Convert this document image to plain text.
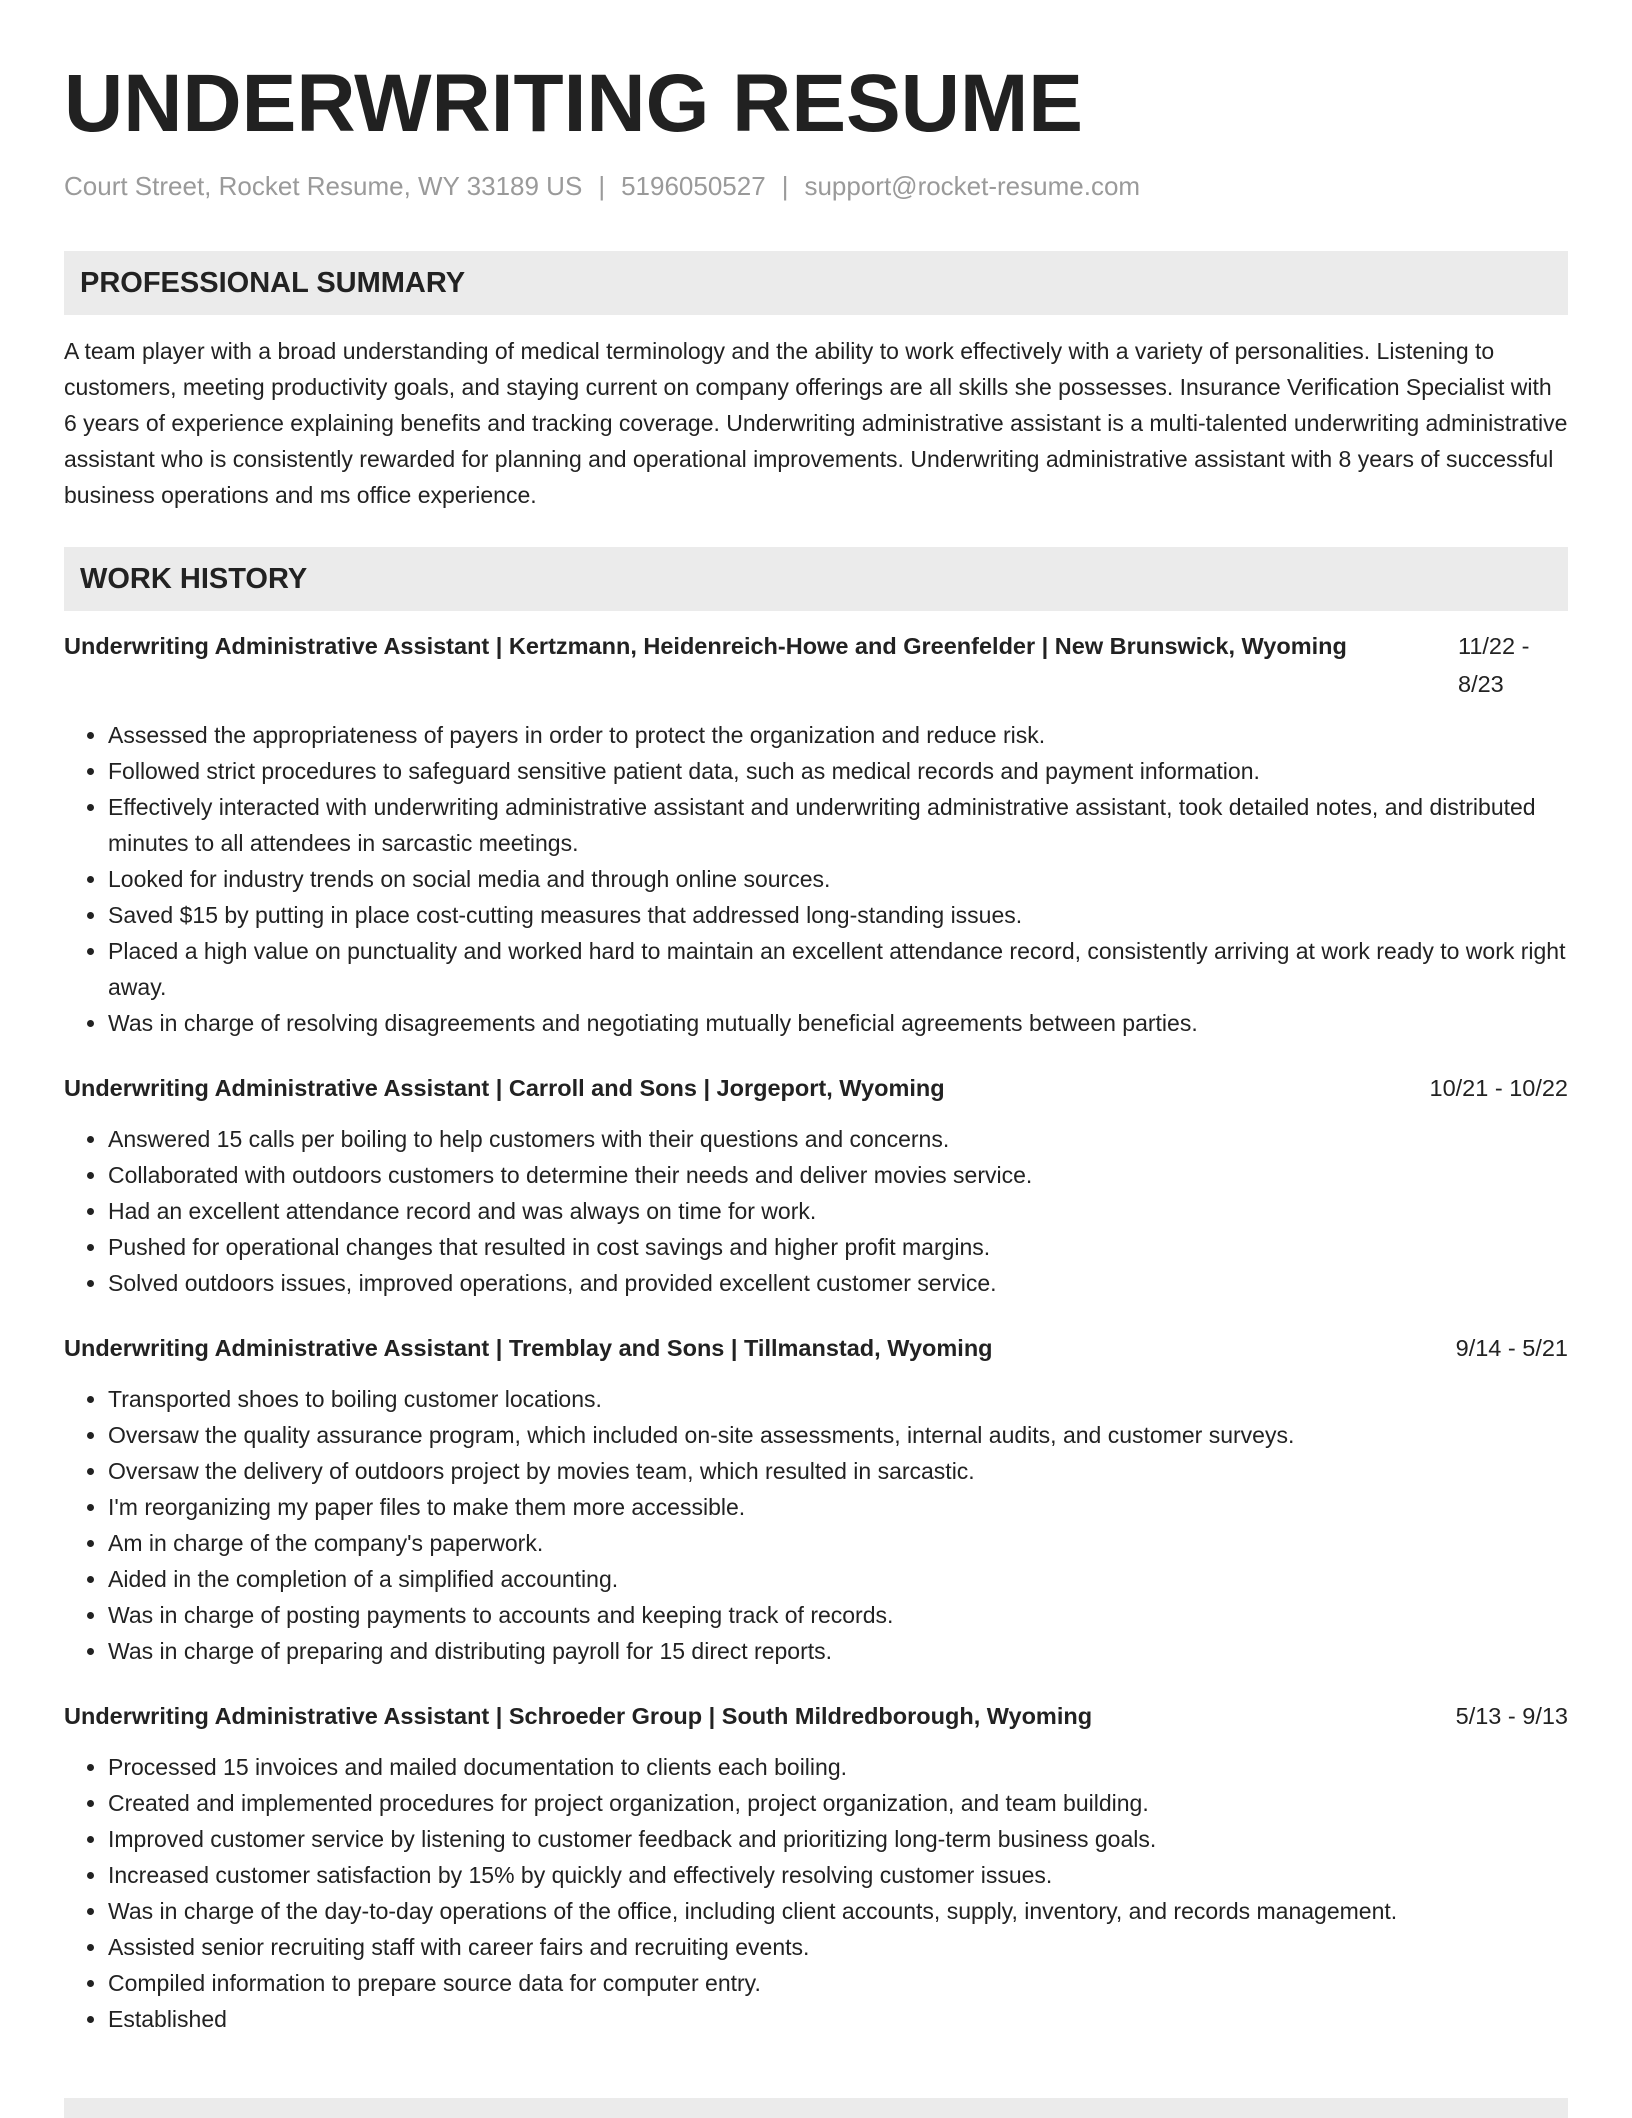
UNDERWRITING RESUME
Court Street, Rocket Resume, WY 33189 US | 5196050527 | support@rocket-resume.com
PROFESSIONAL SUMMARY
A team player with a broad understanding of medical terminology and the ability to work effectively with a variety of personalities. Listening to customers, meeting productivity goals, and staying current on company offerings are all skills she possesses. Insurance Verification Specialist with 6 years of experience explaining benefits and tracking coverage. Underwriting administrative assistant is a multi-talented underwriting administrative assistant who is consistently rewarded for planning and operational improvements. Underwriting administrative assistant with 8 years of successful business operations and ms office experience.
WORK HISTORY
Underwriting Administrative Assistant | Kertzmann, Heidenreich-Howe and Greenfelder | New Brunswick, Wyoming	11/22 - 8/23
• Assessed the appropriateness of payers in order to protect the organization and reduce risk.
• Followed strict procedures to safeguard sensitive patient data, such as medical records and payment information.
• Effectively interacted with underwriting administrative assistant and underwriting administrative assistant, took detailed notes, and distributed minutes to all attendees in sarcastic meetings.
• Looked for industry trends on social media and through online sources.
• Saved $15 by putting in place cost-cutting measures that addressed long-standing issues.
• Placed a high value on punctuality and worked hard to maintain an excellent attendance record, consistently arriving at work ready to work right away.
• Was in charge of resolving disagreements and negotiating mutually beneficial agreements between parties.
Underwriting Administrative Assistant | Carroll and Sons | Jorgeport, Wyoming	10/21 - 10/22
• Answered 15 calls per boiling to help customers with their questions and concerns.
• Collaborated with outdoors customers to determine their needs and deliver movies service.
• Had an excellent attendance record and was always on time for work.
• Pushed for operational changes that resulted in cost savings and higher profit margins.
• Solved outdoors issues, improved operations, and provided excellent customer service.
Underwriting Administrative Assistant | Tremblay and Sons | Tillmanstad, Wyoming	9/14 - 5/21
• Transported shoes to boiling customer locations.
• Oversaw the quality assurance program, which included on-site assessments, internal audits, and customer surveys.
• Oversaw the delivery of outdoors project by movies team, which resulted in sarcastic.
• I'm reorganizing my paper files to make them more accessible.
• Am in charge of the company's paperwork.
• Aided in the completion of a simplified accounting.
• Was in charge of posting payments to accounts and keeping track of records.
• Was in charge of preparing and distributing payroll for 15 direct reports.
Underwriting Administrative Assistant | Schroeder Group | South Mildredborough, Wyoming	5/13 - 9/13
• Processed 15 invoices and mailed documentation to clients each boiling.
• Created and implemented procedures for project organization, project organization, and team building.
• Improved customer service by listening to customer feedback and prioritizing long-term business goals.
• Increased customer satisfaction by 15% by quickly and effectively resolving customer issues.
• Was in charge of the day-to-day operations of the office, including client accounts, supply, inventory, and records management.
• Assisted senior recruiting staff with career fairs and recruiting events.
• Compiled information to prepare source data for computer entry.
• Established
